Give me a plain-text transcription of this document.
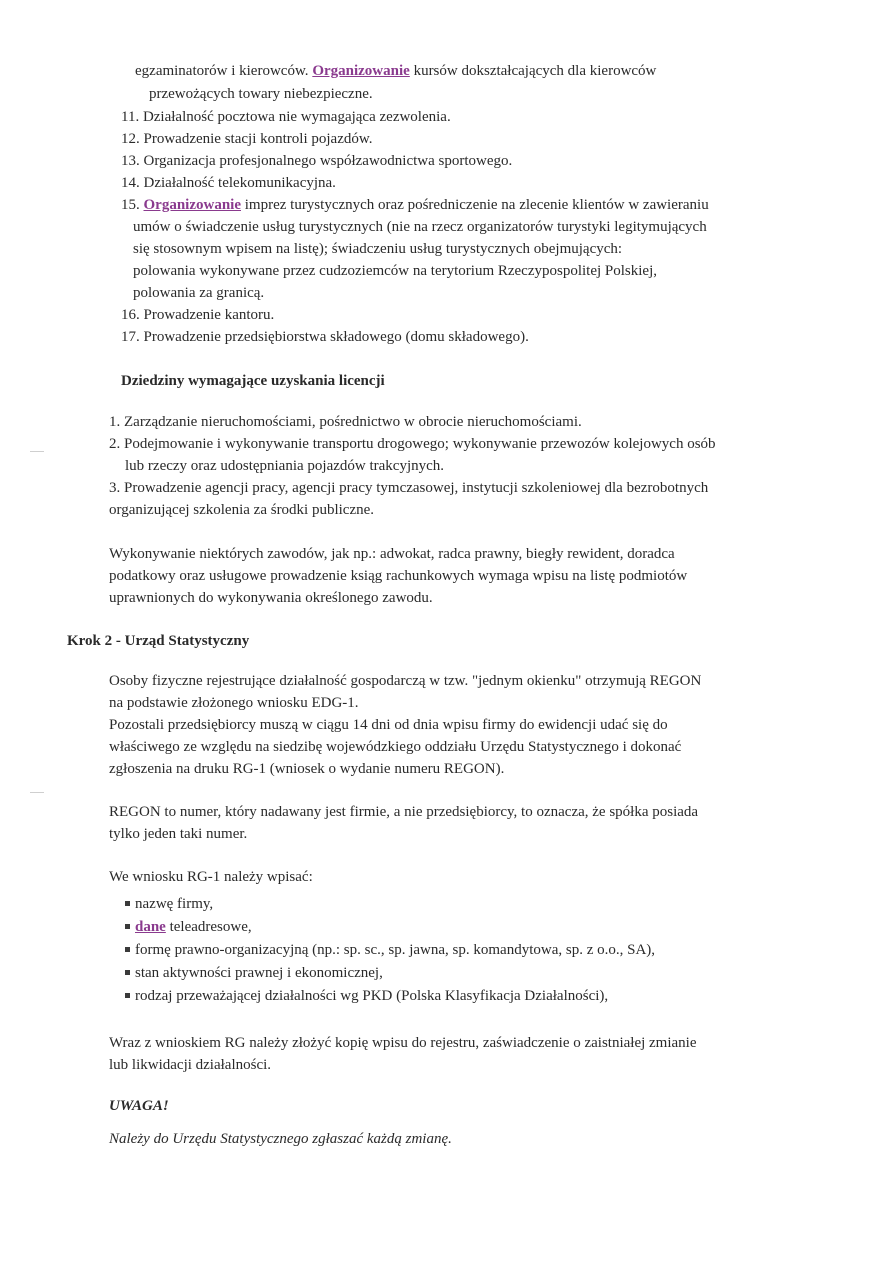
egzaminatorów i kierowców. Organizowanie kursów dokształcających dla kierowców
przewożących towary niebezpieczne.
11. Działalność pocztowa nie wymagająca zezwolenia.
12. Prowadzenie stacji kontroli pojazdów.
13. Organizacja profesjonalnego współzawodnictwa sportowego.
14. Działalność telekomunikacyjna.
15. Organizowanie imprez turystycznych oraz pośredniczenie na zlecenie klientów w zawieraniu
umów o świadczenie usług turystycznych (nie na rzecz organizatorów turystyki legitymujących
się stosownym wpisem na listę); świadczeniu usług turystycznych obejmujących:
polowania wykonywane przez cudzoziemców na terytorium Rzeczypospolitej Polskiej,
polowania za granicą.
16. Prowadzenie kantoru.
17. Prowadzenie przedsiębiorstwa składowego (domu składowego).
Dziedziny wymagające uzyskania licencji
1. Zarządzanie nieruchomościami, pośrednictwo w obrocie nieruchomościami.
2. Podejmowanie i wykonywanie transportu drogowego; wykonywanie przewozów kolejowych osób
lub rzeczy oraz udostępniania pojazdów trakcyjnych.
3. Prowadzenie agencji pracy, agencji pracy tymczasowej, instytucji szkoleniowej dla bezrobotnych
organizującej szkolenia za środki publiczne.
Wykonywanie niektórych zawodów, jak np.: adwokat, radca prawny, biegły rewident, doradca
podatkowy oraz usługowe prowadzenie ksiąg rachunkowych wymaga wpisu na listę podmiotów
uprawnionych do wykonywania określonego zawodu.
Krok 2 - Urząd Statystyczny
Osoby fizyczne rejestrujące działalność gospodarczą w tzw. "jednym okienku" otrzymują REGON
na podstawie złożonego wniosku EDG-1.
Pozostali przedsiębiorcy muszą w ciągu 14 dni od dnia wpisu firmy do ewidencji udać się do
właściwego ze względu na siedzibę wojewódzkiego oddziału Urzędu Statystycznego i dokonać
zgłoszenia na druku RG-1 (wniosek o wydanie numeru REGON).
REGON to numer, który nadawany jest firmie, a nie przedsiębiorcy, to oznacza, że spółka posiada
tylko jeden taki numer.
We wniosku RG-1 należy wpisać:
nazwę firmy,
dane teleadresowe,
formę prawno-organizacyjną (np.: sp. sc., sp. jawna, sp. komandytowa, sp. z o.o., SA),
stan aktywności prawnej i ekonomicznej,
rodzaj przeważającej działalności wg PKD (Polska Klasyfikacja Działalności),
Wraz z wnioskiem RG należy złożyć kopię wpisu do rejestru, zaświadczenie o zaistniałej zmianie
lub likwidacji działalności.
UWAGA!
Należy do Urzędu Statystycznego zgłaszać każdą zmianę.
